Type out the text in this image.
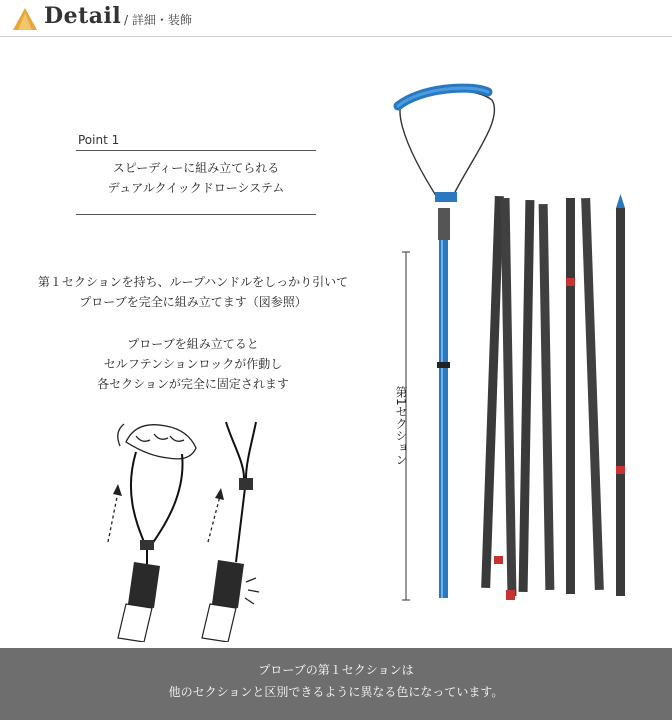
Detail / 詳細・装飾
Point 1
スピーディーに組み立てられる
デュアルクイックドローシステム
第１セクションを持ち、ループハンドルをしっかり引いて
プローブを完全に組み立てます（図参照）
プローブを組み立てると
セルフテンションロックが作動し
各セクションが完全に固定されます
第1セクション
プローブの第１セクションは
他のセクションと区別できるように異なる色になっています。
